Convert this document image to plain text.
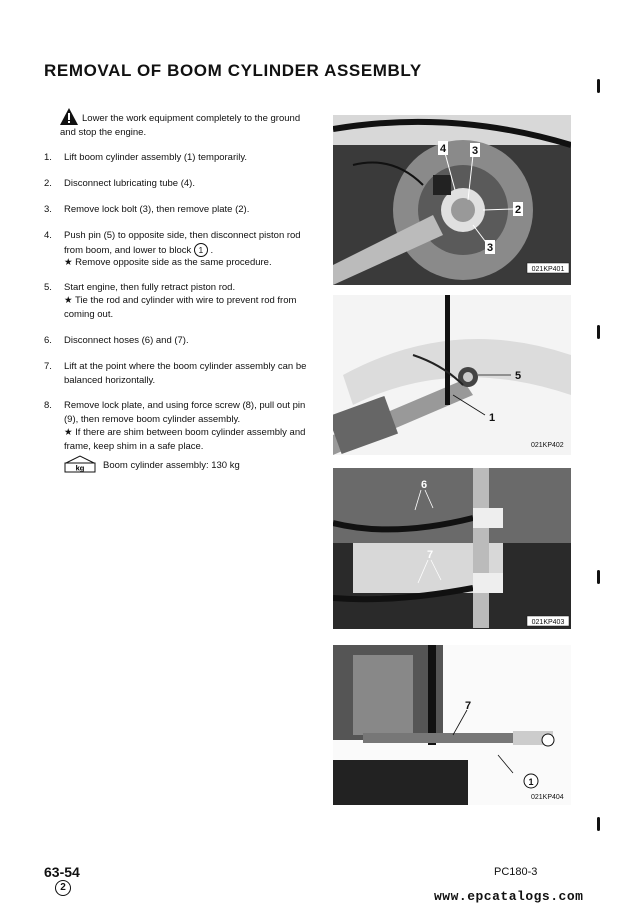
REMOVAL OF BOOM CYLINDER ASSEMBLY
Lower the work equipment completely to the ground and stop the engine.
1. Lift boom cylinder assembly (1) temporarily.
2. Disconnect lubricating tube (4).
3. Remove lock bolt (3), then remove plate (2).
4. Push pin (5) to opposite side, then disconnect piston rod from boom, and lower to block 1 .
★ Remove opposite side as the same procedure.
5. Start engine, then fully retract piston rod.
★ Tie the rod and cylinder with wire to prevent rod from coming out.
6. Disconnect hoses (6) and (7).
7. Lift at the point where the boom cylinder assembly can be balanced horizontally.
8. Remove lock plate, and using force screw (8), pull out pin (9), then remove boom cylinder assembly.
★ If there are shim between boom cylinder assembly and frame, keep shim in a safe place.
kg Boom cylinder assembly: 130 kg
4 3
2
3
021KP401
5
1
021KP402
6
7
021KP403
7
1
021KP404
63-54
2
PC180-3
www.epcatalogs.com
